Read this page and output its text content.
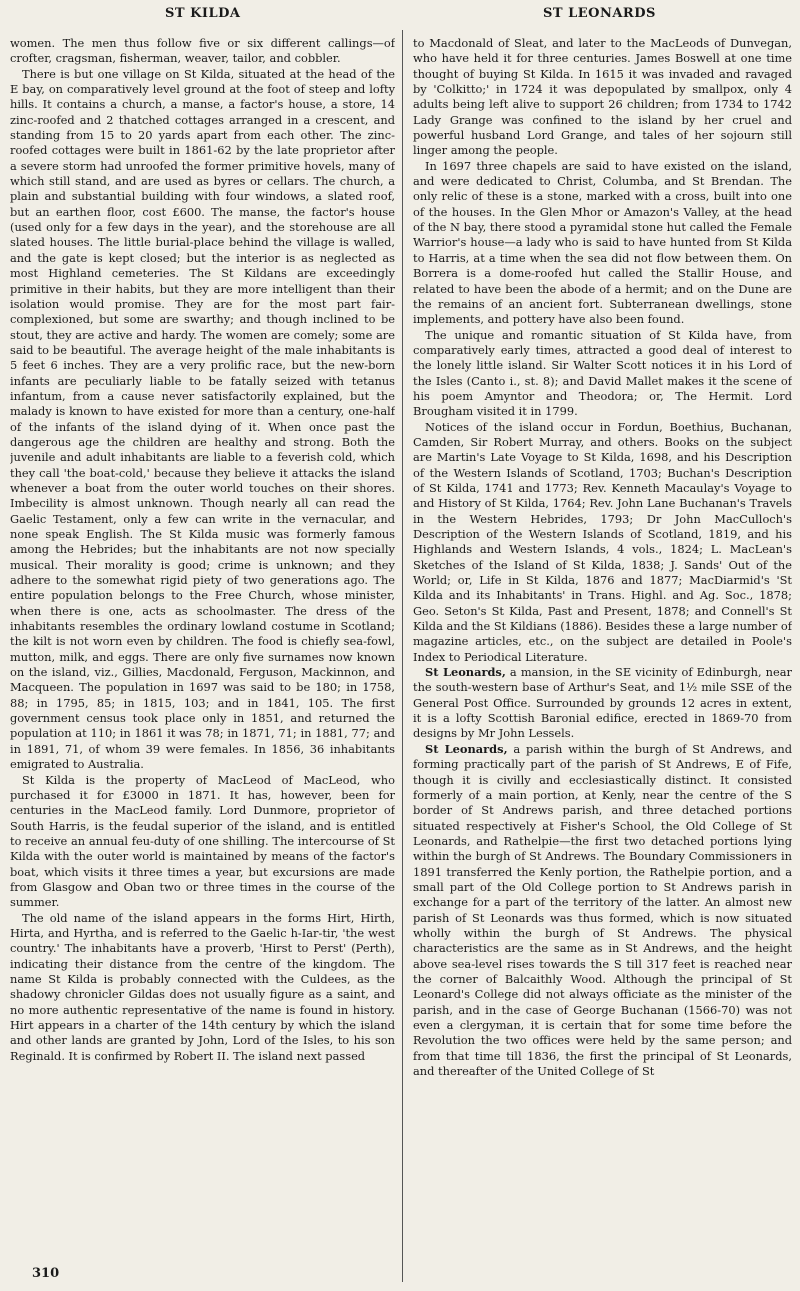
ST KILDA	ST LEONARDS

women. The men thus follow five or six different callings—of crofter, cragsman, fisherman, weaver, tailor, and cobbler.

There is but one village on St Kilda, situated at the head of the E bay, on comparatively level ground at the foot of steep and lofty hills. It contains a church, a manse, a factor's house, a store, 14 zinc-roofed and 2 thatched cottages arranged in a crescent, and standing from 15 to 20 yards apart from each other. The zinc-roofed cottages were built in 1861-62 by the late proprietor after a severe storm had unroofed the former primitive hovels, many of which still stand, and are used as byres or cellars. The church, a plain and substantial building with four windows, a slated roof, but an earthen floor, cost £600. The manse, the factor's house (used only for a few days in the year), and the storehouse are all slated houses. The little burial-place behind the village is walled, and the gate is kept closed; but the interior is as neglected as most Highland cemeteries. The St Kildans are exceedingly primitive in their habits, but they are more intelligent than their isolation would promise. They are for the most part fair-complexioned, but some are swarthy; and though inclined to be stout, they are active and hardy. The women are comely; some are said to be beautiful. The average height of the male inhabitants is 5 feet 6 inches. They are a very prolific race, but the new-born infants are peculiarly liable to be fatally seized with tetanus infantum, from a cause never satisfactorily explained, but the malady is known to have existed for more than a century, one-half of the infants of the island dying of it. When once past the dangerous age the children are healthy and strong. Both the juvenile and adult inhabitants are liable to a feverish cold, which they call 'the boat-cold,' because they believe it attacks the island whenever a boat from the outer world touches on their shores. Imbecility is almost unknown. Though nearly all can read the Gaelic Testament, only a few can write in the vernacular, and none speak English. The St Kilda music was formerly famous among the Hebrides; but the inhabitants are not now specially musical. Their morality is good; crime is unknown; and they adhere to the somewhat rigid piety of two generations ago. The entire population belongs to the Free Church, whose minister, when there is one, acts as schoolmaster. The dress of the inhabitants resembles the ordinary lowland costume in Scotland; the kilt is not worn even by children. The food is chiefly sea-fowl, mutton, milk, and eggs. There are only five surnames now known on the island, viz., Gillies, Macdonald, Ferguson, Mackinnon, and Macqueen. The population in 1697 was said to be 180; in 1758, 88; in 1795, 85; in 1815, 103; and in 1841, 105. The first government census took place only in 1851, and returned the population at 110; in 1861 it was 78; in 1871, 71; in 1881, 77; and in 1891, 71, of whom 39 were females. In 1856, 36 inhabitants emigrated to Australia.

St Kilda is the property of MacLeod of MacLeod, who purchased it for £3000 in 1871. It has, however, been for centuries in the MacLeod family. Lord Dunmore, proprietor of South Harris, is the feudal superior of the island, and is entitled to receive an annual feu-duty of one shilling. The intercourse of St Kilda with the outer world is maintained by means of the factor's boat, which visits it three times a year, but excursions are made from Glasgow and Oban two or three times in the course of the summer.

The old name of the island appears in the forms Hirt, Hirth, Hirta, and Hyrtha, and is referred to the Gaelic h-Iar-tir, 'the west country.' The inhabitants have a proverb, 'Hirst to Perst' (Perth), indicating their distance from the centre of the kingdom. The name St Kilda is probably connected with the Culdees, as the shadowy chronicler Gildas does not usually figure as a saint, and no more authentic representative of the name is found in history. Hirt appears in a charter of the 14th century by which the island and other lands are granted by John, Lord of the Isles, to his son Reginald. It is confirmed by Robert II. The island next passed

to Macdonald of Sleat, and later to the MacLeods of Dunvegan, who have held it for three centuries. James Boswell at one time thought of buying St Kilda. In 1615 it was invaded and ravaged by 'Colkitto;' in 1724 it was depopulated by smallpox, only 4 adults being left alive to support 26 children; from 1734 to 1742 Lady Grange was confined to the island by her cruel and powerful husband Lord Grange, and tales of her sojourn still linger among the people.

In 1697 three chapels are said to have existed on the island, and were dedicated to Christ, Columba, and St Brendan. The only relic of these is a stone, marked with a cross, built into one of the houses. In the Glen Mhor or Amazon's Valley, at the head of the N bay, there stood a pyramidal stone hut called the Female Warrior's house—a lady who is said to have hunted from St Kilda to Harris, at a time when the sea did not flow between them. On Borrera is a dome-roofed hut called the Stallir House, and related to have been the abode of a hermit; and on the Dune are the remains of an ancient fort. Subterranean dwellings, stone implements, and pottery have also been found.

The unique and romantic situation of St Kilda have, from comparatively early times, attracted a good deal of interest to the lonely little island. Sir Walter Scott notices it in his Lord of the Isles (Canto i., st. 8); and David Mallet makes it the scene of his poem Amyntor and Theodora; or, The Hermit. Lord Brougham visited it in 1799.

Notices of the island occur in Fordun, Boethius, Buchanan, Camden, Sir Robert Murray, and others. Books on the subject are Martin's Late Voyage to St Kilda, 1698, and his Description of the Western Islands of Scotland, 1703; Buchan's Description of St Kilda, 1741 and 1773; Rev. Kenneth Macaulay's Voyage to and History of St Kilda, 1764; Rev. John Lane Buchanan's Travels in the Western Hebrides, 1793; Dr John MacCulloch's Description of the Western Islands of Scotland, 1819, and his Highlands and Western Islands, 4 vols., 1824; L. MacLean's Sketches of the Island of St Kilda, 1838; J. Sands' Out of the World; or, Life in St Kilda, 1876 and 1877; MacDiarmid's 'St Kilda and its Inhabitants' in Trans. Highl. and Ag. Soc., 1878; Geo. Seton's St Kilda, Past and Present, 1878; and Connell's St Kilda and the St Kildians (1886). Besides these a large number of magazine articles, etc., on the subject are detailed in Poole's Index to Periodical Literature.

St Leonards, a mansion, in the SE vicinity of Edinburgh, near the south-western base of Arthur's Seat, and 1½ mile SSE of the General Post Office. Surrounded by grounds 12 acres in extent, it is a lofty Scottish Baronial edifice, erected in 1869-70 from designs by Mr John Lessels.

St Leonards, a parish within the burgh of St Andrews, and forming practically part of the parish of St Andrews, E of Fife, though it is civilly and ecclesiastically distinct. It consisted formerly of a main portion, at Kenly, near the centre of the S border of St Andrews parish, and three detached portions situated respectively at Fisher's School, the Old College of St Leonards, and Rathelpie—the first two detached portions lying within the burgh of St Andrews. The Boundary Commissioners in 1891 transferred the Kenly portion, the Rathelpie portion, and a small part of the Old College portion to St Andrews parish in exchange for a part of the territory of the latter. An almost new parish of St Leonards was thus formed, which is now situated wholly within the burgh of St Andrews. The physical characteristics are the same as in St Andrews, and the height above sea-level rises towards the S till 317 feet is reached near the corner of Balcaithly Wood. Although the principal of St Leonard's College did not always officiate as the minister of the parish, and in the case of George Buchanan (1566-70) was not even a clergyman, it is certain that for some time before the Revolution the two offices were held by the same person; and from that time till 1836, the first the principal of St Leonards, and thereafter of the United College of St

310
